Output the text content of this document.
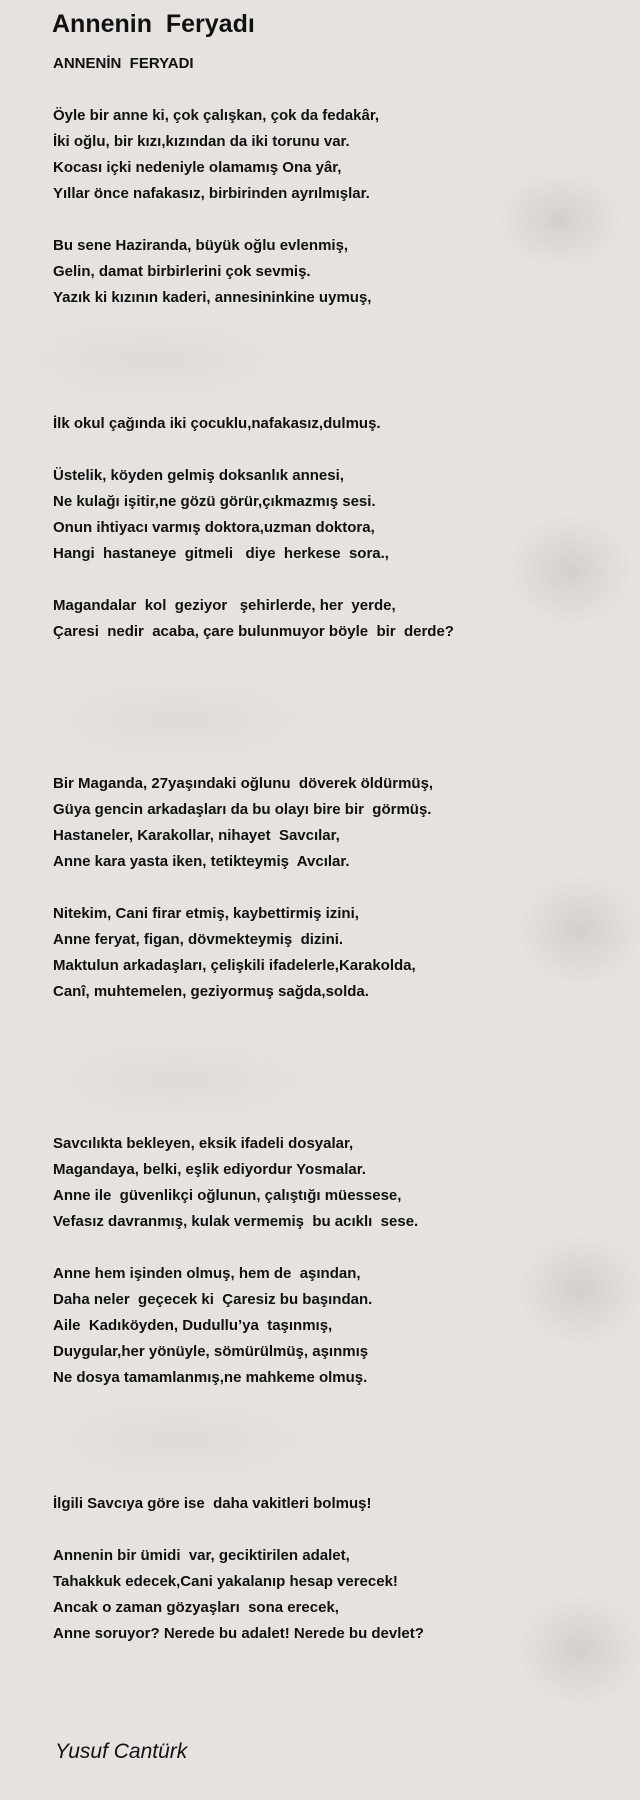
Annenin  Feryadı
ANNENİN  FERYADI
Öyle bir anne ki, çok çalışkan, çok da fedakâr,
İki oğlu, bir kızı,kızından da iki torunu var.
Kocası içki nedeniyle olamamış Ona yâr,
Yıllar önce nafakasız, birbirinden ayrılmışlar.
Bu sene Haziranda, büyük oğlu evlenmiş,
Gelin, damat birbirlerini çok sevmiş.
Yazık ki kızının kaderi, annesininkine uymuş,
İlk okul çağında iki çocuklu,nafakasız,dulmuş.
Üstelik, köyden gelmiş doksanlık annesi,
Ne kulağı işitir,ne gözü görür,çıkmazmış sesi.
Onun ihtiyacı varmış doktora,uzman doktora,
Hangi  hastaneye  gitmeli   diye  herkese  sora.,
Magandalar  kol  geziyor   şehirlerde, her  yerde,
Çaresi  nedir  acaba, çare bulunmuyor böyle  bir  derde?
Bir Maganda, 27yaşındaki oğlunu  döverek öldürmüş,
Güya gencin arkadaşları da bu olayı bire bir  görmüş.
Hastaneler, Karakollar, nihayet  Savcılar,
Anne kara yasta iken, tetikteymiş  Avcılar.
Nitekim, Cani firar etmiş, kaybettirmiş izini,
Anne feryat, figan, dövmekteymiş  dizini.
Maktulun arkadaşları, çelişkili ifadelerle,Karakolda,
Canî, muhtemelen, geziyormuş sağda,solda.
Savcılıkta bekleyen, eksik ifadeli dosyalar,
Magandaya, belki, eşlik ediyordur Yosmalar.
Anne ile  güvenlikçi oğlunun, çalıştığı müessese,
Vefasız davranmış, kulak vermemiş  bu acıklı  sese.
Anne hem işinden olmuş, hem de  aşından,
Daha neler  geçecek ki  Çaresiz bu başından.
Aile  Kadıköyden, Dudullu’ya  taşınmış,
Duygular,her yönüyle, sömürülmüş, aşınmış
Ne dosya tamamlanmış,ne mahkeme olmuş.
İlgili Savcıya göre ise  daha vakitleri bolmuş!
Annenin bir ümidi  var, geciktirilen adalet,
Tahakkuk edecek,Cani yakalanıp hesap verecek!
Ancak o zaman gözyaşları  sona erecek,
Anne soruyor? Nerede bu adalet! Nerede bu devlet?
Yusuf Cantürk
